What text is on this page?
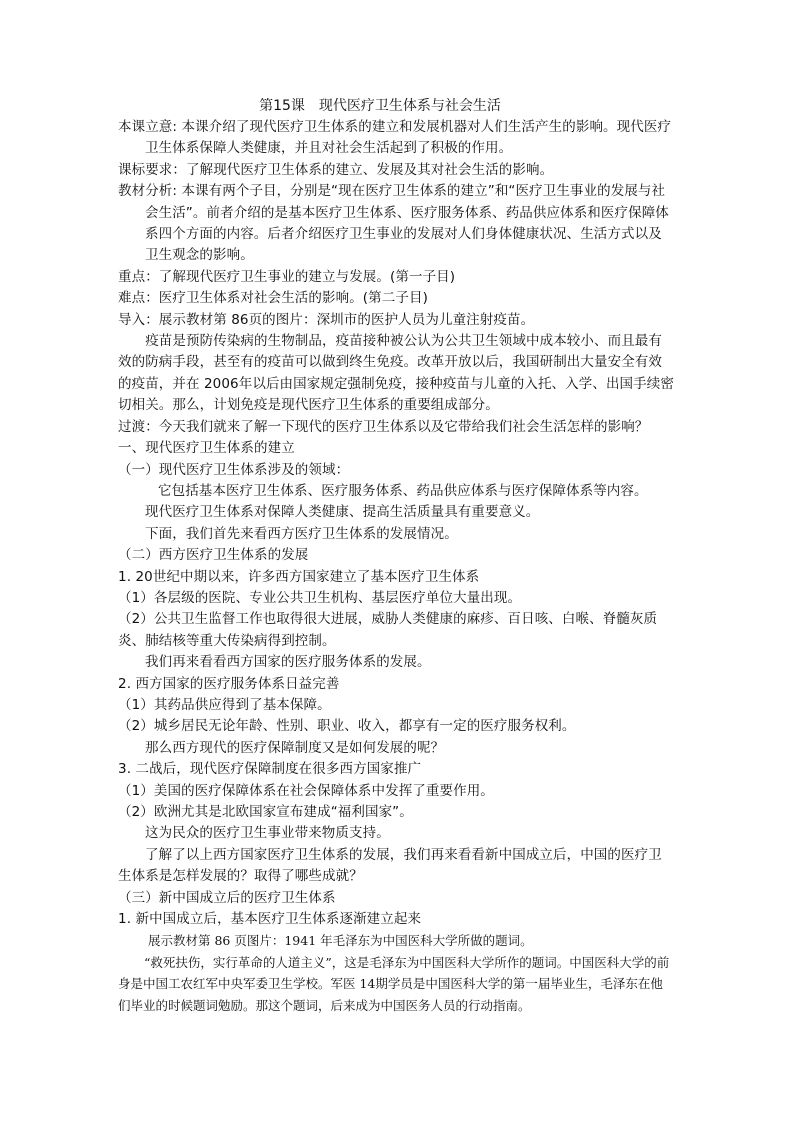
第15课　现代医疗卫生体系与社会生活

本课立意: 本课介绍了现代医疗卫生体系的建立和发展机器对人们生活产生的影响。现代医疗卫生体系保障人类健康，并且对社会生活起到了积极的作用。

课标要求：了解现代医疗卫生体系的建立、发展及其对社会生活的影响。

教材分析: 本课有两个子目，分别是“现在医疗卫生体系的建立”和“医疗卫生事业的发展与社会生活”。前者介绍的是基本医疗卫生体系、医疗服务体系、药品供应体系和医疗保障体系四个方面的内容。后者介绍医疗卫生事业的发展对人们身体健康状况、生活方式以及卫生观念的影响。

重点：了解现代医疗卫生事业的建立与发展。(第一子目)

难点：医疗卫生体系对社会生活的影响。(第二子目)

导入：展示教材第 86页的图片：深圳市的医护人员为儿童注射疫苗。

　　疫苗是预防传染病的生物制品，疫苗接种被公认为公共卫生领域中成本较小、而且最有效的防病手段，甚至有的疫苗可以做到终生免疫。改革开放以后，我国研制出大量安全有效的疫苗，并在 2006年以后由国家规定强制免疫，接种疫苗与儿童的入托、入学、出国手续密切相关。那么，计划免疫是现代医疗卫生体系的重要组成部分。

过渡：今天我们就来了解一下现代的医疗卫生体系以及它带给我们社会生活怎样的影响？

一、现代医疗卫生体系的建立

（一）现代医疗卫生体系涉及的领域：

它包括基本医疗卫生体系、医疗服务体系、药品供应体系与医疗保障体系等内容。

现代医疗卫生体系对保障人类健康、提高生活质量具有重要意义。

下面，我们首先来看西方医疗卫生体系的发展情况。

（二）西方医疗卫生体系的发展

1. 20世纪中期以来，许多西方国家建立了基本医疗卫生体系

（1）各层级的医院、专业公共卫生机构、基层医疗单位大量出现。

（2）公共卫生监督工作也取得很大进展，威胁人类健康的麻疹、百日咳、白喉、脊髓灰质炎、肺结核等重大传染病得到控制。

我们再来看看西方国家的医疗服务体系的发展。

2. 西方国家的医疗服务体系日益完善

（1）其药品供应得到了基本保障。

（2）城乡居民无论年龄、性别、职业、收入，都享有一定的医疗服务权利。

那么西方现代的医疗保障制度又是如何发展的呢？

3. 二战后，现代医疗保障制度在很多西方国家推广

（1）美国的医疗保障体系在社会保障体系中发挥了重要作用。

（2）欧洲尤其是北欧国家宣布建成“福利国家”。

这为民众的医疗卫生事业带来物质支持。

了解了以上西方国家医疗卫生体系的发展，我们再来看看新中国成立后，中国的医疗卫生体系是怎样发展的？取得了哪些成就？

（三）新中国成立后的医疗卫生体系

1. 新中国成立后，基本医疗卫生体系逐渐建立起来

展示教材第 86 页图片：1941 年毛泽东为中国医科大学所做的题词。

“救死扶伤，实行革命的人道主义”，这是毛泽东为中国医科大学所作的题词。中国医科大学的前身是中国工农红军中央军委卫生学校。军医 14期学员是中国医科大学的第一届毕业生，毛泽东在他们毕业的时候题词勉励。那这个题词，后来成为中国医务人员的行动指南。
